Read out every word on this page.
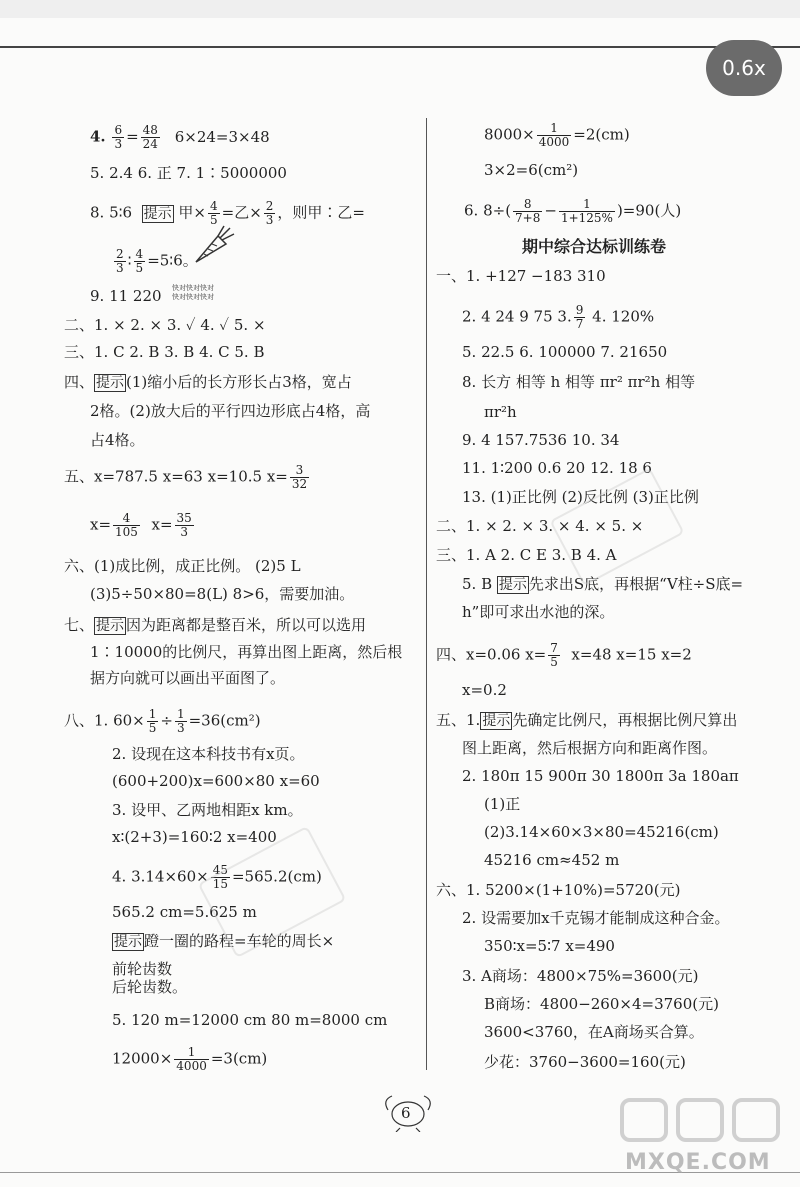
0.6x
4. $\frac{6}{3} = \frac{48}{24} 6\times 24=3\times 48$
5. 2.4 6. 正 7. 1∶5000000
8. 5∶6 提示 甲× $\frac{4}{5}$ =乙× $\frac{2}{3}$ ，则甲∶乙=
$\frac{2}{3}$ ∶ $\frac{4}{5}$ =5∶6。
9. 11 220 快对快对快对
快对快对快对
二、1. × 2. × 3. ✓ 4. ✓ 5. ×
三、1. C 2. B 3. B 4. C 5. B
四、 提示 (1)缩小后的长方形长占3格，宽占
2格。(2)放大后的平行四边形底占4格，高
占4格。
五、x=787.5 x=63 x=10.5 $x= \frac{3}{32}$
$x= \frac{4}{105} x= \frac{35}{3}$
六、(1)成比例，成正比例。 (2)5 L
(3)5÷50×80=8(L) 8>6，需要加油。
七、 提示 因为距离都是整百米，所以可以选用
1∶10000的比例尺，再算出图上距离，然后根
据方向就可以画出平面图了。
八、1. $60\times \frac{1}{5} \div \frac{1}{3} =36(cm^2)$
2. 设现在这本科技书有x页。
(600+200)x=600×80 x=60
3. 设甲、乙两地相距x km。
x∶(2+3)=160∶2 x=400
4. $3.14\times 60\times \frac{45}{15} =565.2(cm)$
565.2 cm=5.625 m
提示 蹬一圈的路程=车轮的周长×
前轮齿数
后轮齿数。
5. 120 m=12000 cm 80 m=8000 cm
$12000\times \frac{1}{4000} =3(cm)$
$8000\times \frac{1}{4000} =2(cm)$
3×2=6(cm²)
6. $8\div( \frac{8}{7+8} - \frac{1}{1+125\%} )=90$(人)
期中综合达标训练卷
一、1. +127 −183 310
2. 4 24 9 75 3. $\frac{9}{7} 4$. 120%
5. 22.5 6. 100000 7. 21650
8. 长方 相等 h 相等 πr² πr²h 相等
πr²h
9. 4 157.7536 10. 34
11. 1∶200 0.6 20 12. 18 6
13. (1)正比例 (2)反比例 (3)正比例
二、1. × 2. × 3. × 4. × 5. ×
三、1. A 2. C E 3. B 4. A
5. B 提示 先求出S底，再根据“V柱÷S底=
h”即可求出水池的深。
四、x=0.06 $x= \frac{7}{5} x=48$ x=15 x=2
x=0.2
五、1. 提示 先确定比例尺，再根据比例尺算出
图上距离，然后根据方向和距离作图。
2. 180π 15 900π 30 1800π 3a 180aπ
(1)正
(2)3.14×60×3×80=45216(cm)
45216 cm≈452 m
六、1. 5200×(1+10%)=5720(元)
2. 设需要加x千克锡才能制成这种合金。
350∶x=5∶7 x=490
3. A商场：4800×75%=3600(元)
B商场：4800−260×4=3760(元)
3600<3760，在A商场买合算。
少花：3760−3600=160(元)
6
MXQE.COM
